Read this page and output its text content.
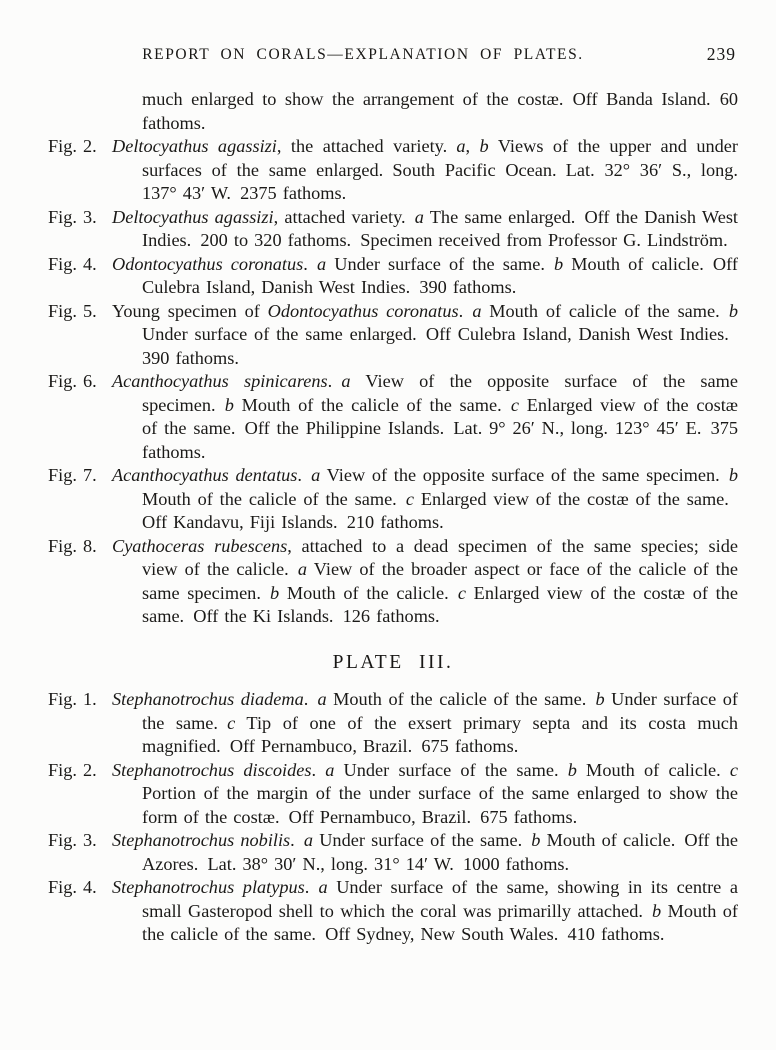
REPORT ON CORALS—EXPLANATION OF PLATES.	239

much enlarged to show the arrangement of the costæ. Off Banda Island. 60 fathoms.

Fig. 2. Deltocyathus agassizi, the attached variety. a, b Views of the upper and under surfaces of the same enlarged. South Pacific Ocean. Lat. 32° 36′ S., long. 137° 43′ W. 2375 fathoms.

Fig. 3. Deltocyathus agassizi, attached variety. a The same enlarged. Off the Danish West Indies. 200 to 320 fathoms. Specimen received from Professor G. Lindström.

Fig. 4. Odontocyathus coronatus. a Under surface of the same. b Mouth of calicle. Off Culebra Island, Danish West Indies. 390 fathoms.

Fig. 5. Young specimen of Odontocyathus coronatus. a Mouth of calicle of the same. b Under surface of the same enlarged. Off Culebra Island, Danish West Indies. 390 fathoms.

Fig. 6. Acanthocyathus spinicarens. a View of the opposite surface of the same specimen. b Mouth of the calicle of the same. c Enlarged view of the costæ of the same. Off the Philippine Islands. Lat. 9° 26′ N., long. 123° 45′ E. 375 fathoms.

Fig. 7. Acanthocyathus dentatus. a View of the opposite surface of the same specimen. b Mouth of the calicle of the same. c Enlarged view of the costæ of the same. Off Kandavu, Fiji Islands. 210 fathoms.

Fig. 8. Cyathoceras rubescens, attached to a dead specimen of the same species; side view of the calicle. a View of the broader aspect or face of the calicle of the same specimen. b Mouth of the calicle. c Enlarged view of the costæ of the same. Off the Ki Islands. 126 fathoms.

PLATE III.

Fig. 1. Stephanotrochus diadema. a Mouth of the calicle of the same. b Under surface of the same. c Tip of one of the exsert primary septa and its costa much magnified. Off Pernambuco, Brazil. 675 fathoms.

Fig. 2. Stephanotrochus discoides. a Under surface of the same. b Mouth of calicle. c Portion of the margin of the under surface of the same enlarged to show the form of the costæ. Off Pernambuco, Brazil. 675 fathoms.

Fig. 3. Stephanotrochus nobilis. a Under surface of the same. b Mouth of calicle. Off the Azores. Lat. 38° 30′ N., long. 31° 14′ W. 1000 fathoms.

Fig. 4. Stephanotrochus platypus. a Under surface of the same, showing in its centre a small Gasteropod shell to which the coral was primarilly attached. b Mouth of the calicle of the same. Off Sydney, New South Wales. 410 fathoms.
